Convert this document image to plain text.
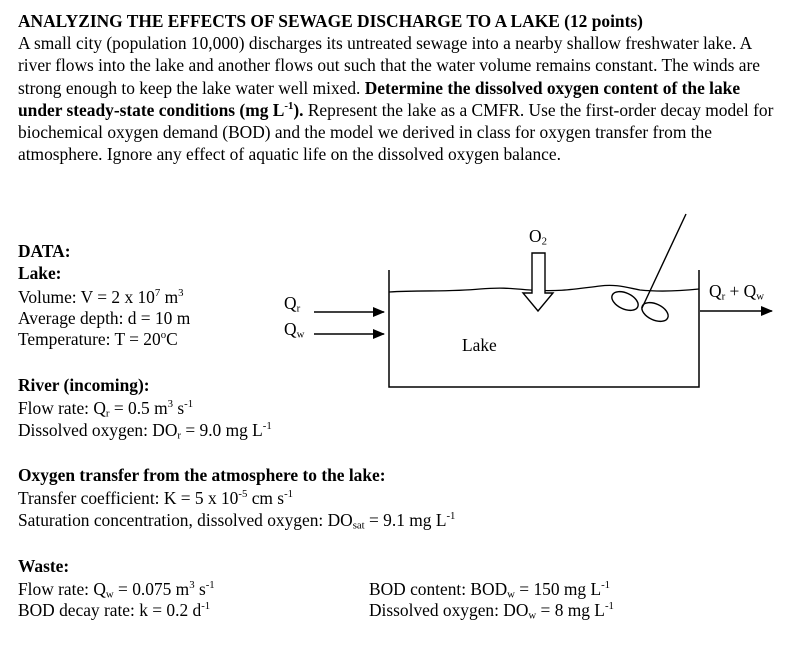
ANALYZING THE EFFECTS OF SEWAGE DISCHARGE TO A LAKE (12 points)
A small city (population 10,000) discharges its untreated sewage into a nearby shallow freshwater lake. A river flows into the lake and another flows out such that the water volume remains constant. The winds are strong enough to keep the lake water well mixed. Determine the dissolved oxygen content of the lake under steady-state conditions (mg $L^{-1}$). Represent the lake as a CMFR. Use the first-order decay model for biochemical oxygen demand (BOD) and the model we derived in class for oxygen transfer from the atmosphere. Ignore any effect of aquatic life on the dissolved oxygen balance.
DATA:
Lake:
Volume: V = 2 x $10^7$ $m^3$
Average depth: d = 10 m
Temperature: $T = 20^oC$
River (incoming):
Flow rate: $Q_r = 0.5$ $m^3$ $s^{-1}$
Dissolved oxygen: $DO_r = 9.0$ mg $L^{-1}$
Oxygen transfer from the atmosphere to the lake:
Transfer coefficient: K = 5 x $10^{-5}$ cm $s^{-1}$
Saturation concentration, dissolved oxygen: $DO_{sat} = 9.1$ mg $L^{-1}$
Waste:
Flow rate: $Q_w = 0.075$ $m^3$ $s^{-1}$
BOD decay rate: k = 0.2 $d^{-1}$
BOD content: $BOD_w = 150$ mg $L^{-1}$
Dissolved oxygen: $DO_w = 8$ mg $L^{-1}$
Lake
$O_2$
$Q_r$
$Q_w$
$Q_r + Q_w$
